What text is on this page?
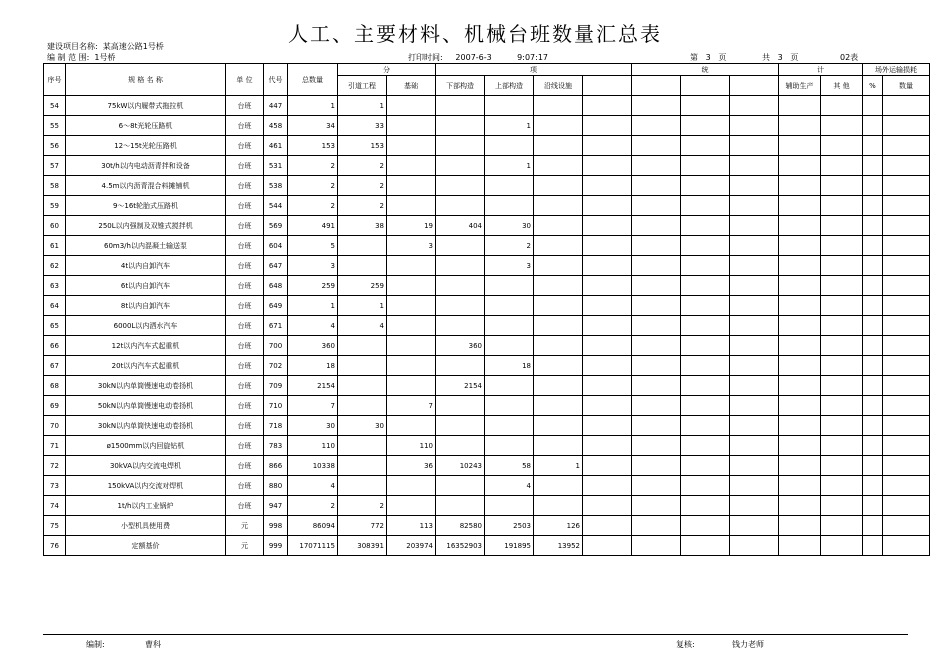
人工、主要材料、机械台班数量汇总表
建设项目名称: 某高速公路1号桥
编 制 范 围: 1号桥	打印时间: 2007-6-3	9:07:17	第 3 页	共 3 页	02表
序号	规 格 名 称	单 位	代号	总数量	分		项				统			计		场外运输损耗	
					引道工程	基础	下部构造	上部构造	沿线设施					辅助生产	其 他	%	数量
54	75kW以内履带式拖拉机	台班	447	1	1												
55	6～8t光轮压路机	台班	458	34	33			1									
56	12～15t光轮压路机	台班	461	153	153												
57	30t/h以内电动沥青拌和设备	台班	531	2	2			1									
58	4.5m以内沥青混合料摊铺机	台班	538	2	2												
59	9～16t轮胎式压路机	台班	544	2	2												
60	250L以内强制及双锥式搅拌机	台班	569	491	38	19	404	30									
61	60m3/h以内混凝土输送泵	台班	604	5		3		2									
62	4t以内自卸汽车	台班	647	3				3									
63	6t以内自卸汽车	台班	648	259	259												
64	8t以内自卸汽车	台班	649	1	1												
65	6000L以内洒水汽车	台班	671	4	4												
66	12t以内汽车式起重机	台班	700	360			360										
67	20t以内汽车式起重机	台班	702	18				18									
68	30kN以内单筒慢速电动卷扬机	台班	709	2154			2154										
69	50kN以内单筒慢速电动卷扬机	台班	710	7		7											
70	30kN以内单筒快速电动卷扬机	台班	718	30	30												
71	ø1500mm以内回旋钻机	台班	783	110		110											
72	30kVA以内交流电焊机	台班	866	10338		36	10243	58	1								
73	150kVA以内交流对焊机	台班	880	4				4									
74	1t/h以内工业锅炉	台班	947	2	2												
75	小型机具使用费	元	998	86094	772	113	82580	2503	126								
76	定额基价	元	999	17071115	308391	203974	16352903	191895	13952								
编制:	曹科	复核:	钱力老师
